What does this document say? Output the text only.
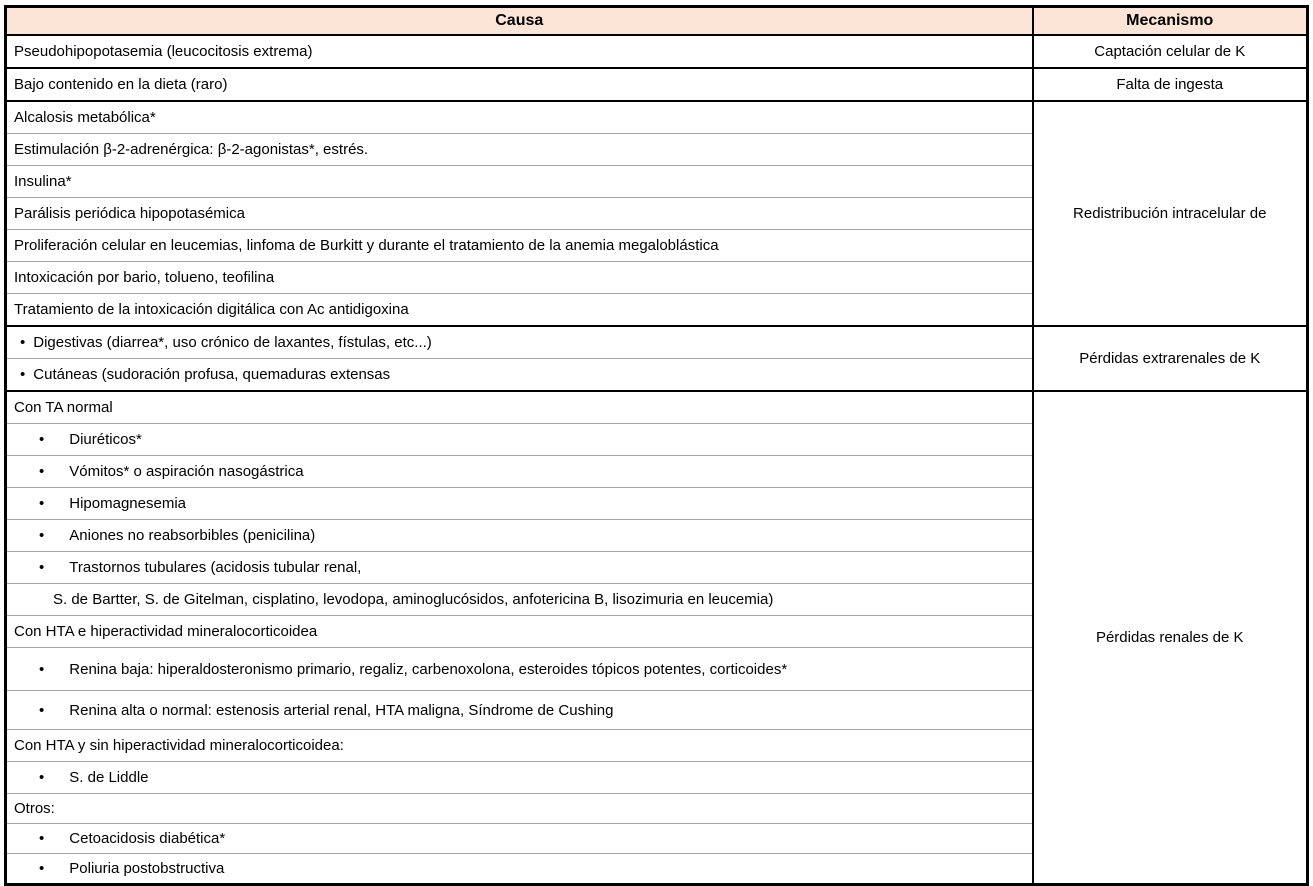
Causa	Mecanismo
Pseudohipopotasemia (leucocitosis extrema)	Captación celular de K
Bajo contenido en la dieta (raro)	Falta de ingesta
Alcalosis metabólica*	Redistribución intracelular de
Estimulación β-2-adrenérgica: β-2-agonistas*, estrés.	
Insulina*	
Parálisis periódica hipopotasémica	
Proliferación celular en leucemias, linfoma de Burkitt y durante el tratamiento de la anemia megaloblástica	
Intoxicación por bario, tolueno, teofilina	
Tratamiento de la intoxicación digitálica con Ac antidigoxina	
• Digestivas (diarrea*, uso crónico de laxantes, fístulas, etc...)	Pérdidas extrarenales de K
• Cutáneas (sudoración profusa, quemaduras extensas	
Con TA normal	Pérdidas renales de K
• Diuréticos*	
• Vómitos* o aspiración nasogástrica	
• Hipomagnesemia	
• Aniones no reabsorbibles (penicilina)	
• Trastornos tubulares (acidosis tubular renal,	
S. de Bartter, S. de Gitelman, cisplatino, levodopa, aminoglucósidos, anfotericina B, lisozimuria en leucemia)	
Con HTA e hiperactividad mineralocorticoidea	
• Renina baja: hiperaldosteronismo primario, regaliz, carbenoxolona, esteroides tópicos potentes, corticoides*	
• Renina alta o normal: estenosis arterial renal, HTA maligna, Síndrome de Cushing	
Con HTA y sin hiperactividad mineralocorticoidea:	
• S. de Liddle	
Otros:	
• Cetoacidosis diabética*	
• Poliuria postobstructiva	
